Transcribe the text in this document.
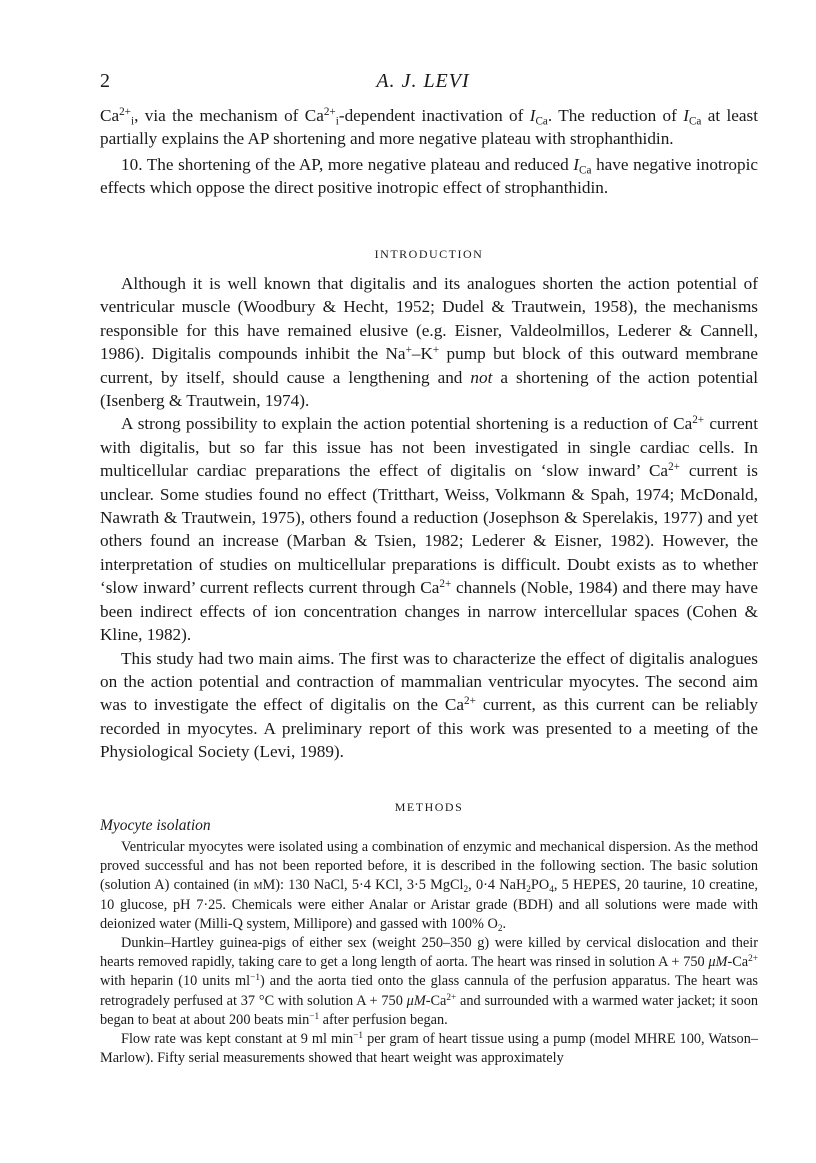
2	A. J. LEVI

$Ca^{2+}_i$, via the mechanism of $Ca^{2+}_i$-dependent inactivation of $I_{Ca}$. The reduction of $I_{Ca}$ at least partially explains the AP shortening and more negative plateau with strophanthidin.

10. The shortening of the AP, more negative plateau and reduced $I_{Ca}$ have negative inotropic effects which oppose the direct positive inotropic effect of strophanthidin.

INTRODUCTION

Although it is well known that digitalis and its analogues shorten the action potential of ventricular muscle (Woodbury & Hecht, 1952; Dudel & Trautwein, 1958), the mechanisms responsible for this have remained elusive (e.g. Eisner, Valdeolmillos, Lederer & Cannell, 1986). Digitalis compounds inhibit the Na+–K+ pump but block of this outward membrane current, by itself, should cause a lengthening and not a shortening of the action potential (Isenberg & Trautwein, 1974).

A strong possibility to explain the action potential shortening is a reduction of $Ca^{2+}$ current with digitalis, but so far this issue has not been investigated in single cardiac cells. In multicellular cardiac preparations the effect of digitalis on ‘slow inward’ $Ca^{2+}$ current is unclear. Some studies found no effect (Tritthart, Weiss, Volkmann & Spah, 1974; McDonald, Nawrath & Trautwein, 1975), others found a reduction (Josephson & Sperelakis, 1977) and yet others found an increase (Marban & Tsien, 1982; Lederer & Eisner, 1982). However, the interpretation of studies on multicellular preparations is difficult. Doubt exists as to whether ‘slow inward’ current reflects current through $Ca^{2+}$ channels (Noble, 1984) and there may have been indirect effects of ion concentration changes in narrow intercellular spaces (Cohen & Kline, 1982).

This study had two main aims. The first was to characterize the effect of digitalis analogues on the action potential and contraction of mammalian ventricular myocytes. The second aim was to investigate the effect of digitalis on the $Ca^{2+}$ current, as this current can be reliably recorded in myocytes. A preliminary report of this work was presented to a meeting of the Physiological Society (Levi, 1989).

METHODS
Myocyte isolation

Ventricular myocytes were isolated using a combination of enzymic and mechanical dispersion. As the method proved successful and has not been reported before, it is described in the following section. The basic solution (solution A) contained (in mM): 130 NaCl, 5·4 KCl, 3·5 MgCl$_2$, 0·4 $NaH_2PO_4$, 5 HEPES, 20 taurine, 10 creatine, 10 glucose, pH 7·25. Chemicals were either Analar or Aristar grade (BDH) and all solutions were made with deionized water (Milli-Q system, Millipore) and gassed with 100% $O_2$.

Dunkin–Hartley guinea-pigs of either sex (weight 250–350 g) were killed by cervical dislocation and their hearts removed rapidly, taking care to get a long length of aorta. The heart was rinsed in solution A + 750 $\mu M-Ca^{2+}$ with heparin (10 units $ml^{-1}$) and the aorta tied onto the glass cannula of the perfusion apparatus. The heart was retrogradely perfused at 37 °C with solution A + 750 $\mu M-Ca^{2+}$ and surrounded with a warmed water jacket; it soon began to beat at about 200 beats $\min^{-1}$ after perfusion began.

Flow rate was kept constant at 9 ml $\min^{-1}$ per gram of heart tissue using a pump (model MHRE 100, Watson–Marlow). Fifty serial measurements showed that heart weight was approximately
